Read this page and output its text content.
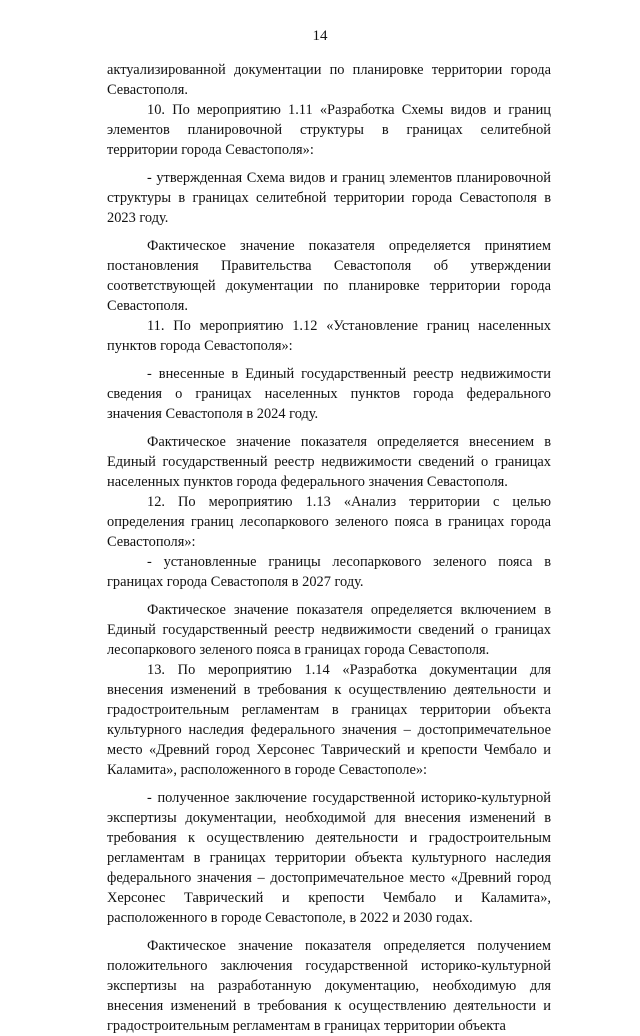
14

актуализированной документации по планировке территории города Севастополя.

10. По мероприятию 1.11 «Разработка Схемы видов и границ элементов планировочной структуры в границах селитебной территории города Севастополя»:

- утвержденная Схема видов и границ элементов планировочной структуры в границах селитебной территории города Севастополя в 2023 году.

Фактическое значение показателя определяется принятием постановления Правительства Севастополя об утверждении соответствующей документации по планировке территории города Севастополя.

11. По мероприятию 1.12 «Установление границ населенных пунктов города Севастополя»:

- внесенные в Единый государственный реестр недвижимости сведения о границах населенных пунктов города федерального значения Севастополя в 2024 году.

Фактическое значение показателя определяется внесением в Единый государственный реестр недвижимости сведений о границах населенных пунктов города федерального значения Севастополя.

12. По мероприятию 1.13 «Анализ территории с целью определения границ лесопаркового зеленого пояса в границах города Севастополя»:

- установленные границы лесопаркового зеленого пояса в границах города Севастополя в 2027 году.

Фактическое значение показателя определяется включением в Единый государственный реестр недвижимости сведений о границах лесопаркового зеленого пояса в границах города Севастополя.

13. По мероприятию 1.14 «Разработка документации для внесения изменений в требования к осуществлению деятельности и градостроительным регламентам в границах территории объекта культурного наследия федерального значения – достопримечательное место «Древний город Херсонес Таврический и крепости Чембало и Каламита», расположенного в городе Севастополе»:

- полученное заключение государственной историко-культурной экспертизы документации, необходимой для внесения изменений в требования к осуществлению деятельности и градостроительным регламентам в границах территории объекта культурного наследия федерального значения – достопримечательное место «Древний город Херсонес Таврический и крепости Чембало и Каламита», расположенного в городе Севастополе, в 2022 и 2030 годах.

Фактическое значение показателя определяется получением положительного заключения государственной историко-культурной экспертизы на разработанную документацию, необходимую для внесения изменений в требования к осуществлению деятельности и градостроительным регламентам в границах территории объекта
